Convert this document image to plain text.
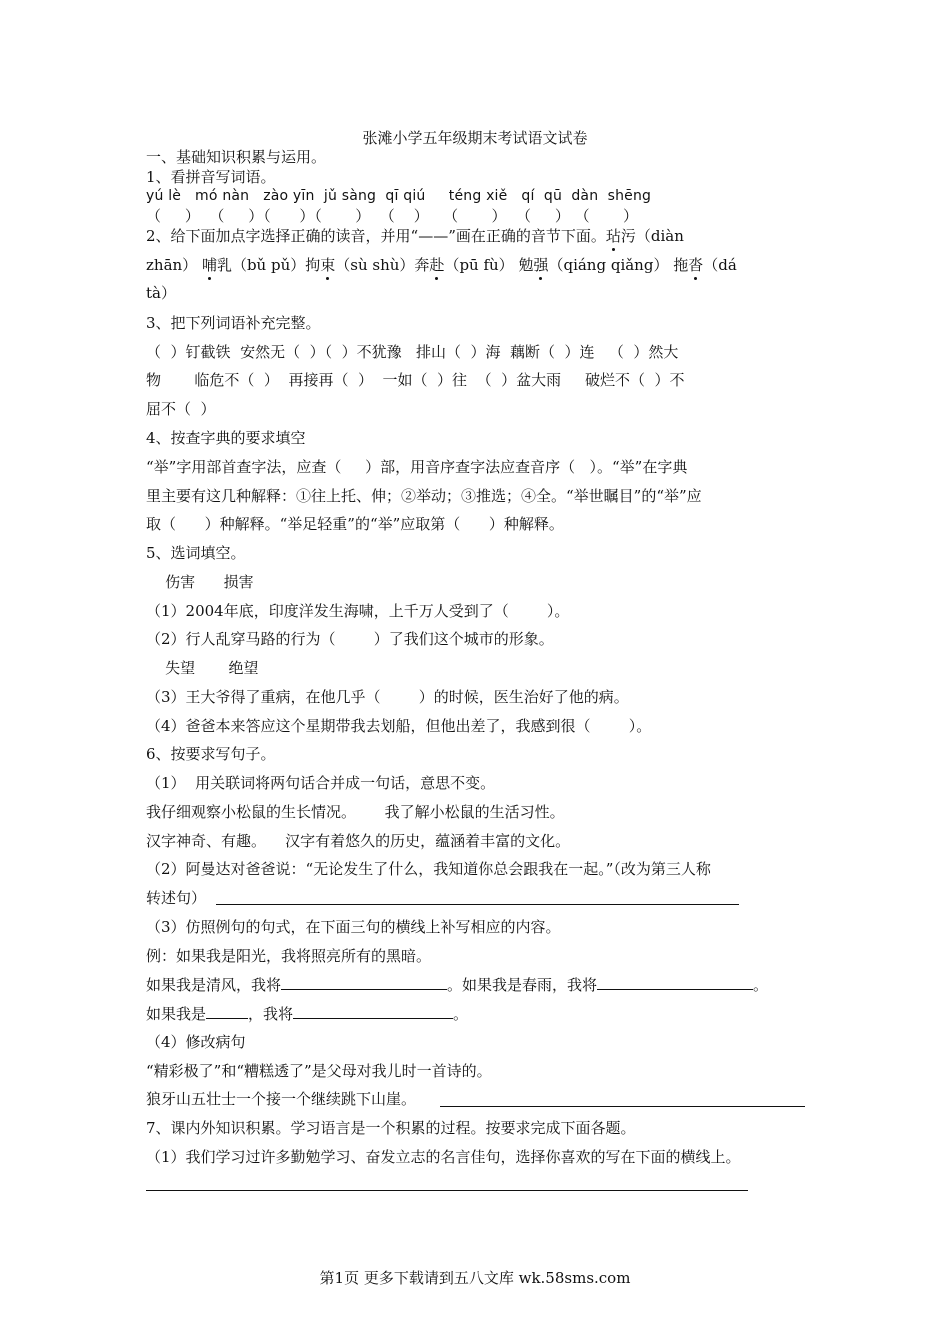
张滩小学五年级期末考试语文试卷
一、基础知识积累与运用。
1、看拼音写词语。
yú lè   mó nàn   zào yīn  jǔ sàng  qī qiú     téng xiě   qí  qū  dàn  shēng
（     ）  （     ）（      ）（       ）  （    ）   （       ）  （     ） （       ）
2、给下面加点字选择正确的读音，并用“——”画在正确的音节下面。玷污（diàn
zhān） 哺乳（bǔ pǔ）拘束（sù shù）奔赴（pū fù） 勉强（qiáng qiǎng） 拖沓（dá
tà）
3、把下列词语补充完整。
（  ）钉截铁  安然无（  ）（  ）不犹豫   排山（  ）海  藕断（  ）连   （  ）然大
物       临危不（  ）  再接再（  ）  一如（  ）往  （  ）盆大雨     破烂不（  ）不
屈不（  ）
4、按查字典的要求填空
“举”字用部首查字法，应查（     ）部，用音序查字法应查音序（   ）。“举”在字典
里主要有这几种解释：①往上托、伸；②举动；③推选；④全。“举世瞩目”的“举”应
取（      ）种解释。“举足轻重”的“举”应取第（      ）种解释。
5、选词填空。
伤害      损害
（1）2004年底，印度洋发生海啸，上千万人受到了（        ）。
（2）行人乱穿马路的行为（        ）了我们这个城市的形象。
失望       绝望
（3）王大爷得了重病，在他几乎（        ）的时候，医生治好了他的病。
（4）爸爸本来答应这个星期带我去划船，但他出差了，我感到很（        ）。
6、按要求写句子。
（1）  用关联词将两句话合并成一句话，意思不变。
我仔细观察小松鼠的生长情况。      我了解小松鼠的生活习性。
汉字神奇、有趣。    汉字有着悠久的历史，蕴涵着丰富的文化。
（2）阿曼达对爸爸说：“无论发生了什么，我知道你总会跟我在一起。”（改为第三人称
转述句）
（3）仿照例句的句式，在下面三句的横线上补写相应的内容。
例：如果我是阳光，我将照亮所有的黑暗。
如果我是清风，我将	。如果我是春雨，我将	。
如果我是	，我将	。
（4）修改病句
“精彩极了”和“糟糕透了”是父母对我儿时一首诗的。
狼牙山五壮士一个接一个继续跳下山崖。
7、课内外知识积累。学习语言是一个积累的过程。按要求完成下面各题。
（1）我们学习过许多勤勉学习、奋发立志的名言佳句，选择你喜欢的写在下面的横线上。
第1页 更多下载请到五八文库 wk.58sms.com
